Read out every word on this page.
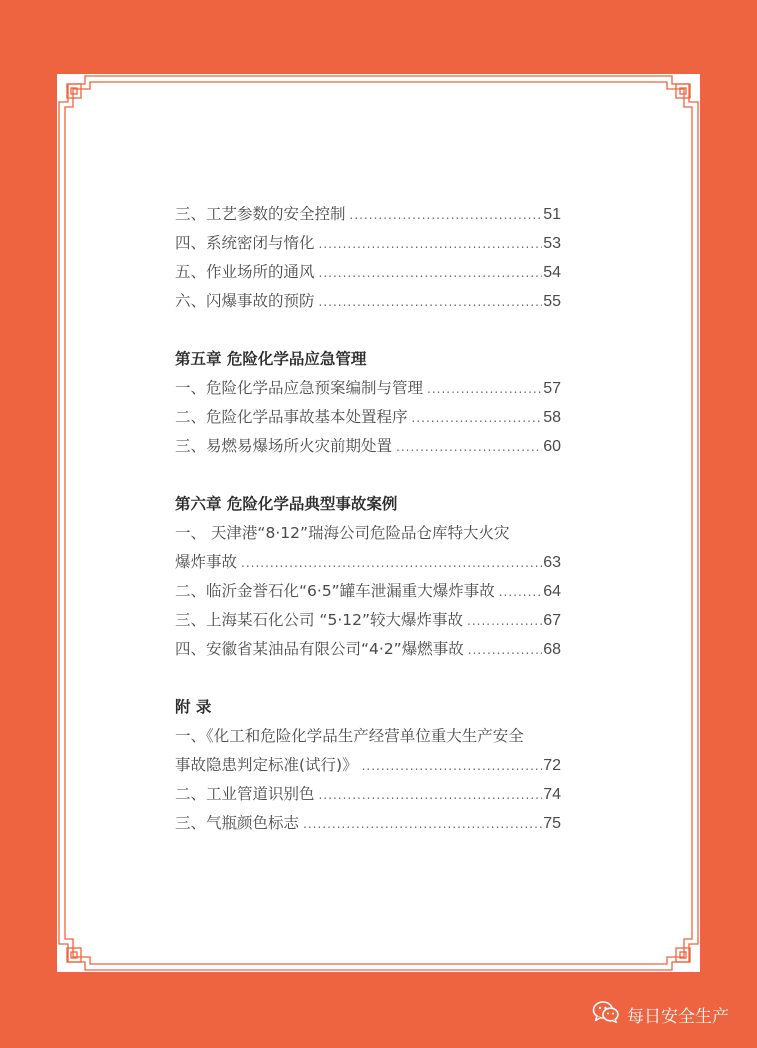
三、工艺参数的安全控制 .....	51
四、系统密闭与惰化 .....	53
五、作业场所的通风 .....	54
六、闪爆事故的预防 .....	55
第五章 危险化学品应急管理
一、危险化学品应急预案编制与管理 .....	57
二、危险化学品事故基本处置程序 .....	58
三、易燃易爆场所火灾前期处置 .....	60
第六章 危险化学品典型事故案例
一、 天津港“8·12”瑞海公司危险品仓库特大火灾
爆炸事故 .....	63
二、临沂金誉石化“6·5”罐车泄漏重大爆炸事故 .....	64
三、上海某石化公司 “5·12”较大爆炸事故 .....	67
四、安徽省某油品有限公司“4·2”爆燃事故 .....	68
附 录
一、《化工和危险化学品生产经营单位重大生产安全
事故隐患判定标准(试行)》 .....	72
二、工业管道识别色 .....	74
三、气瓶颜色标志 .....	75
每日安全生产
